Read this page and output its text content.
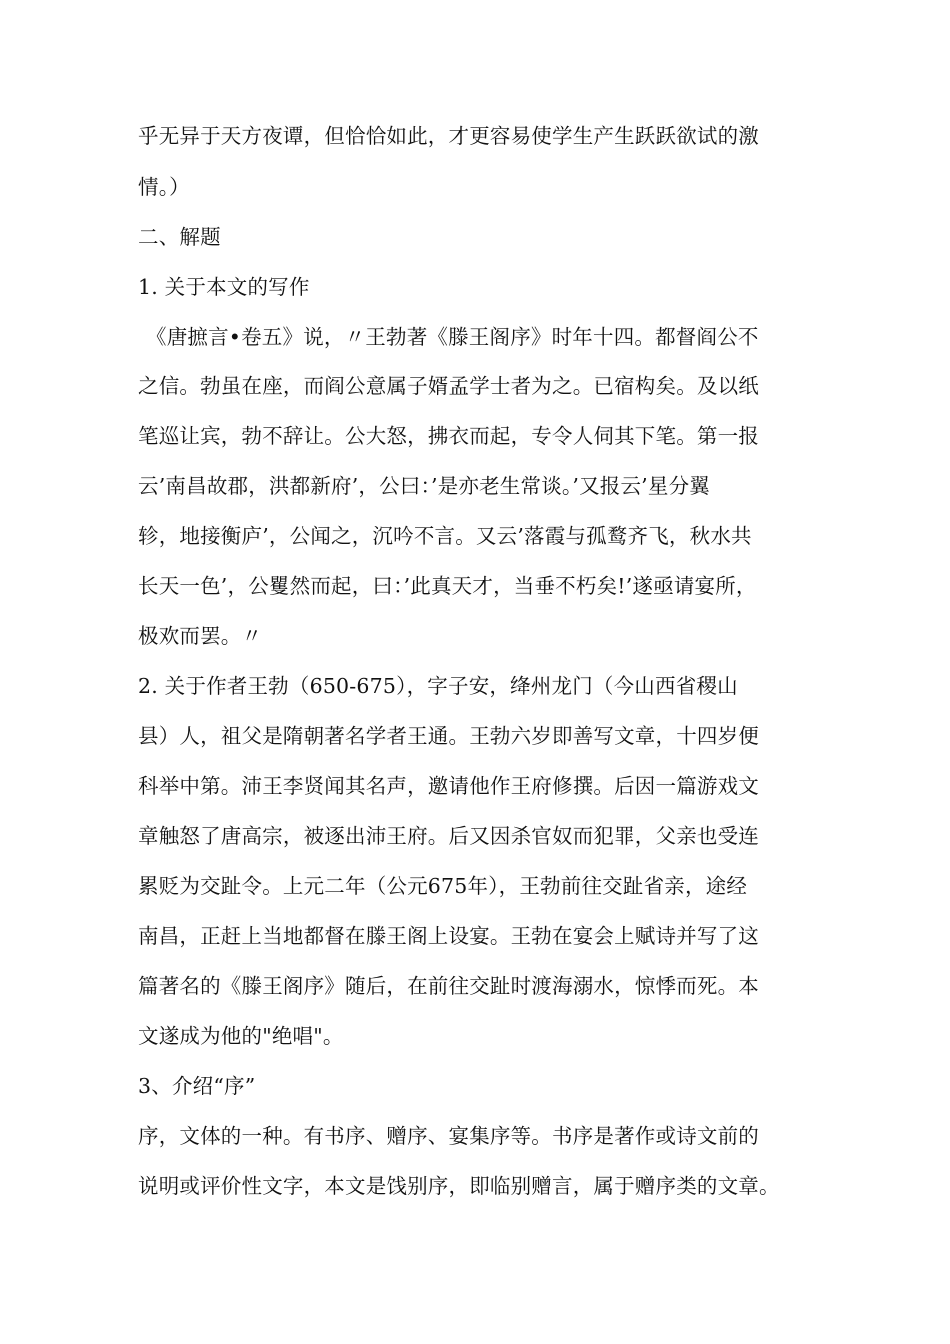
乎无异于天方夜谭，但恰恰如此，才更容易使学生产生跃跃欲试的激
情。）
二、解题
1. 关于本文的写作
《唐摭言•卷五》说，〃王勃著《滕王阁序》时年十四。都督阎公不
之信。勃虽在座，而阎公意属子婿孟学士者为之。已宿构矣。及以纸
笔巡让宾，勃不辞让。公大怒，拂衣而起，专令人伺其下笔。第一报
云’南昌故郡，洪都新府’，公曰：’是亦老生常谈。’又报云’星分翼
轸，地接衡庐’，公闻之，沉吟不言。又云’落霞与孤鹜齐飞，秋水共
长天一色’，公矍然而起，曰：’此真天才，当垂不朽矣!’遂亟请宴所，
极欢而罢。〃
2. 关于作者王勃（650-675），字子安，绛州龙门（今山西省稷山
县）人，祖父是隋朝著名学者王通。王勃六岁即善写文章，十四岁便
科举中第。沛王李贤闻其名声，邀请他作王府修撰。后因一篇游戏文
章触怒了唐高宗，被逐出沛王府。后又因杀官奴而犯罪，父亲也受连
累贬为交趾令。上元二年（公元675年），王勃前往交趾省亲，途经
南昌，正赶上当地都督在滕王阁上设宴。王勃在宴会上赋诗并写了这
篇著名的《滕王阁序》随后，在前往交趾时渡海溺水，惊悸而死。本
文遂成为他的"绝唱"。
3、介绍“序”
序，文体的一种。有书序、赠序、宴集序等。书序是著作或诗文前的
说明或评价性文字，本文是饯别序，即临别赠言，属于赠序类的文章。
